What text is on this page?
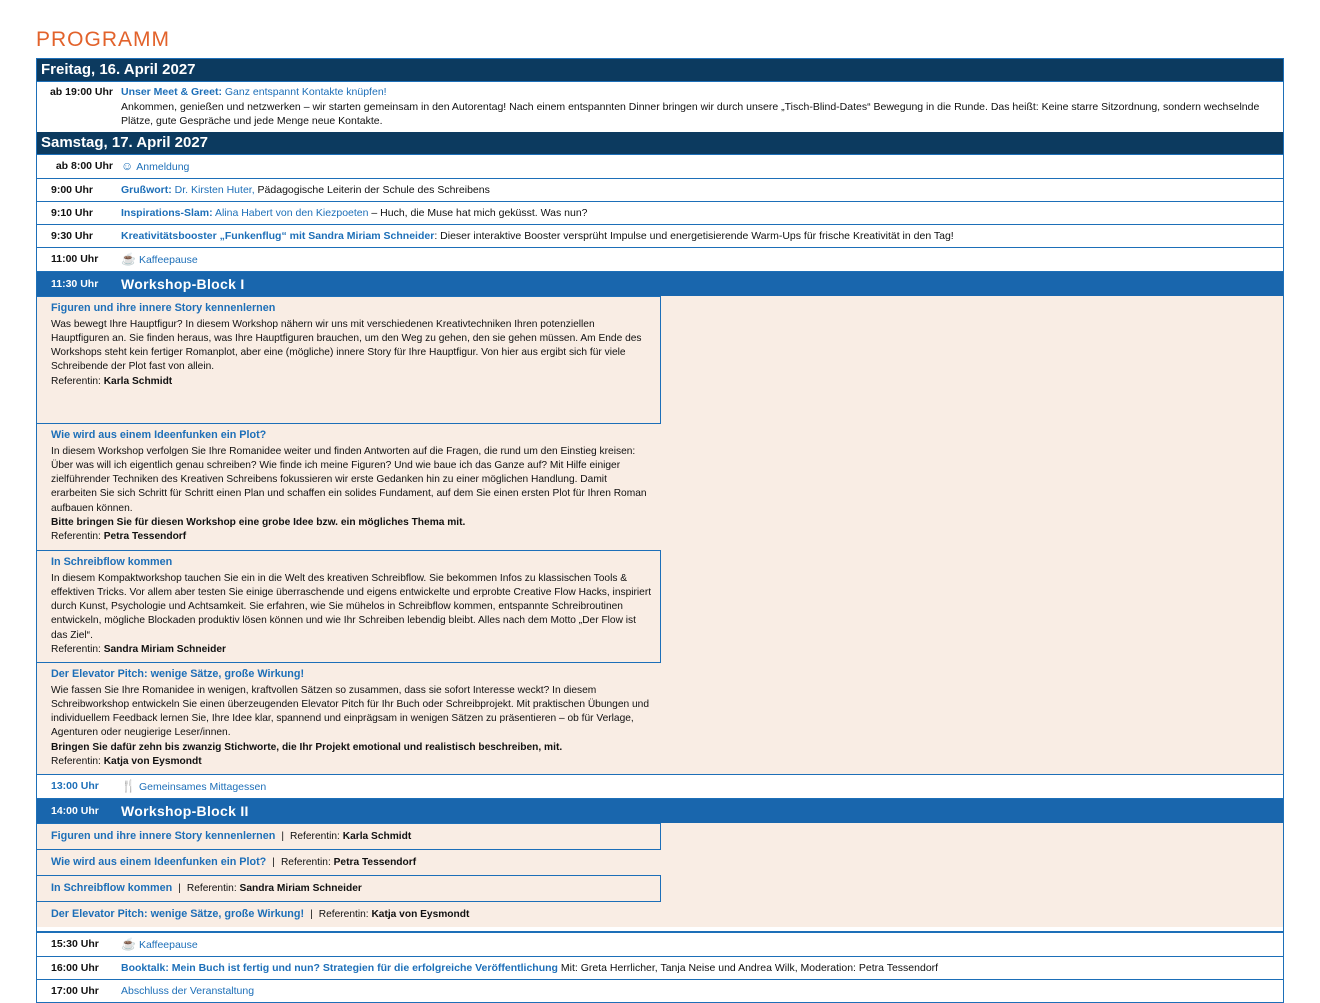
PROGRAMM
Freitag, 16. April 2027
ab 19:00 Uhr Unser Meet & Greet: Ganz entspannt Kontakte knüpfen!
Ankommen, genießen und netzwerken – wir starten gemeinsam in den Autorentag! Nach einem entspannten Dinner bringen wir durch unsere „Tisch-Blind-Dates“ Bewegung in die Runde. Das heißt: Keine starre Sitzordnung, sondern wechselnde Plätze, gute Gespräche und jede Menge neue Kontakte.
Samstag, 17. April 2027
ab 8:00 Uhr ☺ Anmeldung
9:00 Uhr	Grußwort: Dr. Kirsten Huter, Pädagogische Leiterin der Schule des Schreibens
9:10 Uhr	Inspirations-Slam: Alina Habert von den Kiezpoeten – Huch, die Muse hat mich geküsst. Was nun?
9:30 Uhr	Kreativitätsbooster „Funkenflug“ mit Sandra Miriam Schneider: Dieser interaktive Booster versprüht Impulse und energetisierende Warm-Ups für frische Kreativität in den Tag!
11:00 Uhr	☕ Kaffeepause
11:30 Uhr	Workshop-Block I
Figuren und ihre innere Story kennenlernen
Was bewegt Ihre Hauptfigur? In diesem Workshop nähern wir uns mit verschiedenen Kreativtechniken Ihren potenziellen Hauptfiguren an. Sie finden heraus, was Ihre Hauptfiguren brauchen, um den Weg zu gehen, den sie gehen müssen. Am Ende des Workshops steht kein fertiger Romanplot, aber eine (mögliche) innere Story für Ihre Hauptfigur. Von hier aus ergibt sich für viele Schreibende der Plot fast von allein.
Referentin: Karla Schmidt
Wie wird aus einem Ideenfunken ein Plot?
In diesem Workshop verfolgen Sie Ihre Romanidee weiter und finden Antworten auf die Fragen, die rund um den Einstieg kreisen: Über was will ich eigentlich genau schreiben? Wie finde ich meine Figuren? Und wie baue ich das Ganze auf? Mit Hilfe einiger zielführender Techniken des Kreativen Schreibens fokussieren wir erste Gedanken hin zu einer möglichen Handlung. Damit erarbeiten Sie sich Schritt für Schritt einen Plan und schaffen ein solides Fundament, auf dem Sie einen ersten Plot für Ihren Roman aufbauen können.
Bitte bringen Sie für diesen Workshop eine grobe Idee bzw. ein mögliches Thema mit.
Referentin: Petra Tessendorf
In Schreibflow kommen
In diesem Kompaktworkshop tauchen Sie ein in die Welt des kreativen Schreibflow. Sie bekommen Infos zu klassischen Tools & effektiven Tricks. Vor allem aber testen Sie einige überraschende und eigens entwickelte und erprobte Creative Flow Hacks, inspiriert durch Kunst, Psychologie und Achtsamkeit. Sie erfahren, wie Sie mühelos in Schreibflow kommen, entspannte Schreibroutinen entwickeln, mögliche Blockaden produktiv lösen können und wie Ihr Schreiben lebendig bleibt. Alles nach dem Motto „Der Flow ist das Ziel“.
Referentin: Sandra Miriam Schneider
Der Elevator Pitch: wenige Sätze, große Wirkung!
Wie fassen Sie Ihre Romanidee in wenigen, kraftvollen Sätzen so zusammen, dass sie sofort Interesse weckt? In diesem Schreibworkshop entwickeln Sie einen überzeugenden Elevator Pitch für Ihr Buch oder Schreibprojekt. Mit praktischen Übungen und individuellem Feedback lernen Sie, Ihre Idee klar, spannend und einprägsam in wenigen Sätzen zu präsentieren – ob für Verlage, Agenturen oder neugierige Leser/innen.
Bringen Sie dafür zehn bis zwanzig Stichworte, die Ihr Projekt emotional und realistisch beschreiben, mit.
Referentin: Katja von Eysmondt
13:00 Uhr	🍴 Gemeinsames Mittagessen
14:00 Uhr	Workshop-Block II
Figuren und ihre innere Story kennenlernen | Referentin: Karla Schmidt
Wie wird aus einem Ideenfunken ein Plot? | Referentin: Petra Tessendorf
In Schreibflow kommen | Referentin: Sandra Miriam Schneider
Der Elevator Pitch: wenige Sätze, große Wirkung! | Referentin: Katja von Eysmondt
15:30 Uhr	☕ Kaffeepause
16:00 Uhr	Booktalk: Mein Buch ist fertig und nun? Strategien für die erfolgreiche Veröffentlichung Mit: Greta Herrlicher, Tanja Neise und Andrea Wilk, Moderation: Petra Tessendorf
17:00 Uhr	Abschluss der Veranstaltung
